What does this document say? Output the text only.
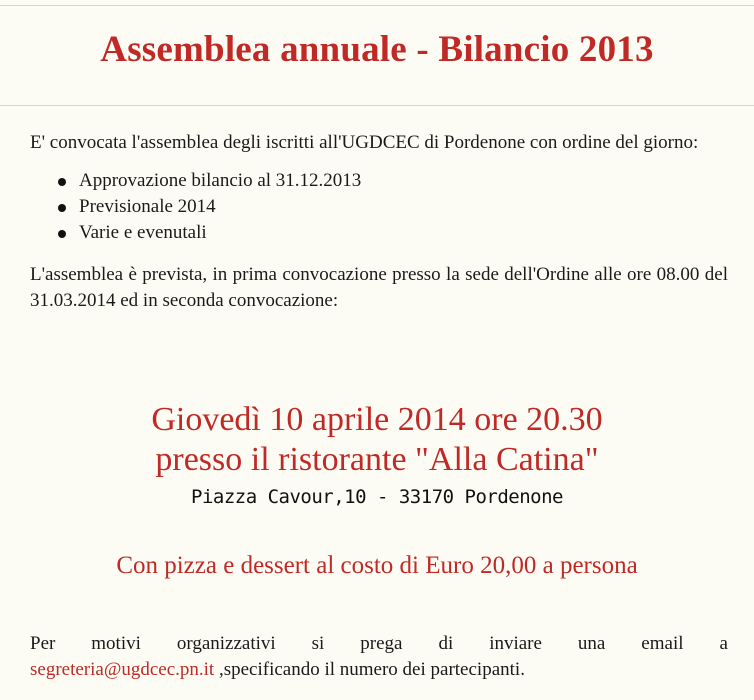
Assemblea annuale - Bilancio 2013

E' convocata l'assemblea degli iscritti all'UGDCEC di Pordenone con ordine del giorno:

Approvazione bilancio al 31.12.2013
Previsionale 2014
Varie e evenutali

L'assemblea è prevista, in prima convocazione presso la sede dell'Ordine alle ore 08.00 del 31.03.2014 ed in seconda convocazione:

Giovedì 10 aprile 2014 ore 20.30

presso il ristorante "Alla Catina"

Piazza Cavour,10 - 33170 Pordenone

Con pizza e dessert al costo di Euro 20,00 a persona

Per motivi organizzativi si prega di inviare una email a

segreteria@ugdcec.pn.it ,specificando il numero dei partecipanti.
